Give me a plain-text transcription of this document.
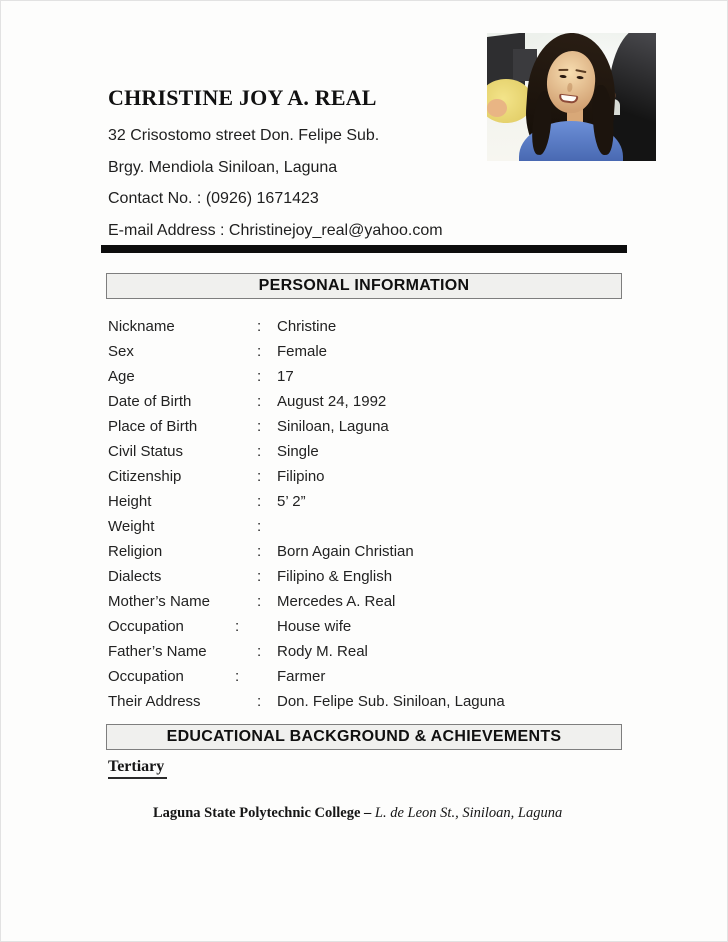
CHRISTINE JOY A. REAL
32 Crisostomo street Don. Felipe Sub.
Brgy. Mendiola Siniloan, Laguna
Contact No. : (0926) 1671423
E-mail Address : Christinejoy_real@yahoo.com
PERSONAL INFORMATION
Nickname	: Christine
Sex	: Female
Age	: 17
Date of Birth	: August 24, 1992
Place of Birth	: Siniloan, Laguna
Civil Status	: Single
Citizenship	: Filipino
Height	: 5’ 2”
Weight	:
Religion	: Born Again Christian
Dialects	: Filipino & English
Mother’s Name	: Mercedes A. Real
Occupation	:	House wife
Father’s Name	: Rody M. Real
Occupation	:	Farmer
Their Address	: Don. Felipe Sub. Siniloan, Laguna
EDUCATIONAL BACKGROUND & ACHIEVEMENTS
Tertiary
Laguna State Polytechnic College – L. de Leon St., Siniloan, Laguna
